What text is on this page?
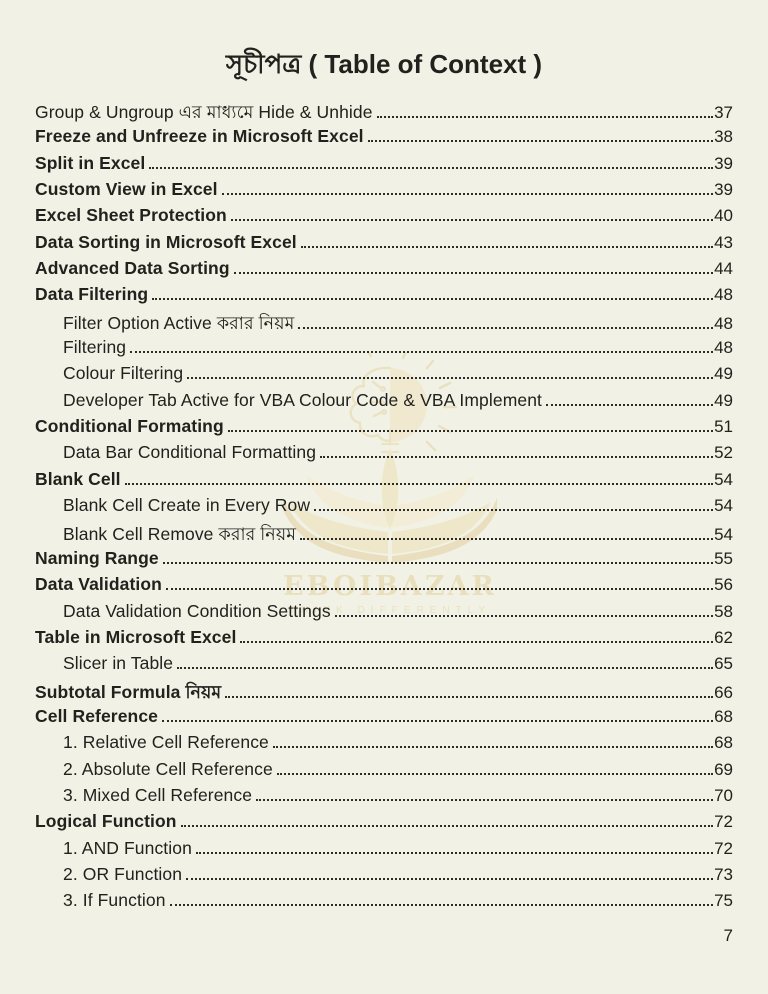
EBOIBAZAR
THINK DIFFERENTLY
সূচীপত্র ( Table of Context )
Group & Ungroup এর মাধ্যমে Hide & Unhide	37
Freeze and Unfreeze in Microsoft Excel	38
Split in Excel	39
Custom View in Excel	39
Excel Sheet Protection	40
Data Sorting in Microsoft Excel	43
Advanced Data Sorting	44
Data Filtering	48
Filter Option Active করার নিয়ম	48
Filtering	48
Colour Filtering	49
Developer Tab Active for VBA Colour Code & VBA Implement	49
Conditional Formating	51
Data Bar Conditional Formatting	52
Blank Cell	54
Blank Cell Create in Every Row	54
Blank Cell Remove করার নিয়ম	54
Naming Range	55
Data Validation	56
Data Validation Condition Settings	58
Table in Microsoft Excel	62
Slicer in Table	65
Subtotal Formula নিয়ম	66
Cell Reference	68
1. Relative Cell Reference	68
2. Absolute Cell Reference	69
3. Mixed Cell Reference	70
Logical Function	72
1. AND Function	72
2. OR Function	73
3. If Function	75
7
